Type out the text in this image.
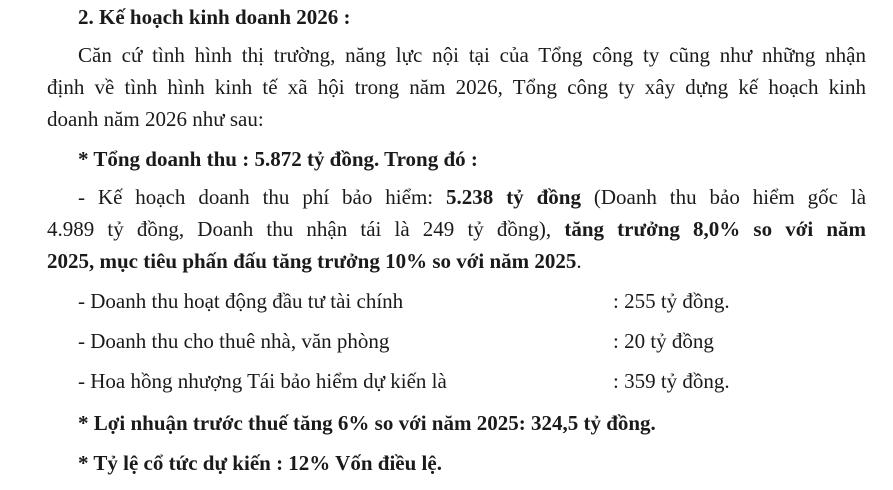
2. Kế hoạch kinh doanh 2026 :
Căn cứ tình hình thị trường, năng lực nội tại của Tổng công ty cũng như những nhận
định về tình hình kinh tế xã hội trong năm 2026, Tổng công ty xây dựng kế hoạch kinh
doanh năm 2026 như sau:
* Tổng doanh thu : 5.872 tỷ đồng. Trong đó :
- Kế hoạch doanh thu phí bảo hiểm: 5.238 tỷ đồng (Doanh thu bảo hiểm gốc là
4.989 tỷ đồng, Doanh thu nhận tái là 249 tỷ đồng), tăng trưởng 8,0% so với năm
2025, mục tiêu phấn đấu tăng trưởng 10% so với năm 2025.
- Doanh thu hoạt động đầu tư tài chính	: 255 tỷ đồng.
- Doanh thu cho thuê nhà, văn phòng	: 20 tỷ đồng
- Hoa hồng nhượng Tái bảo hiểm dự kiến là	: 359 tỷ đồng.
* Lợi nhuận trước thuế tăng 6% so với năm 2025: 324,5 tỷ đồng.
* Tỷ lệ cổ tức dự kiến : 12% Vốn điều lệ.
